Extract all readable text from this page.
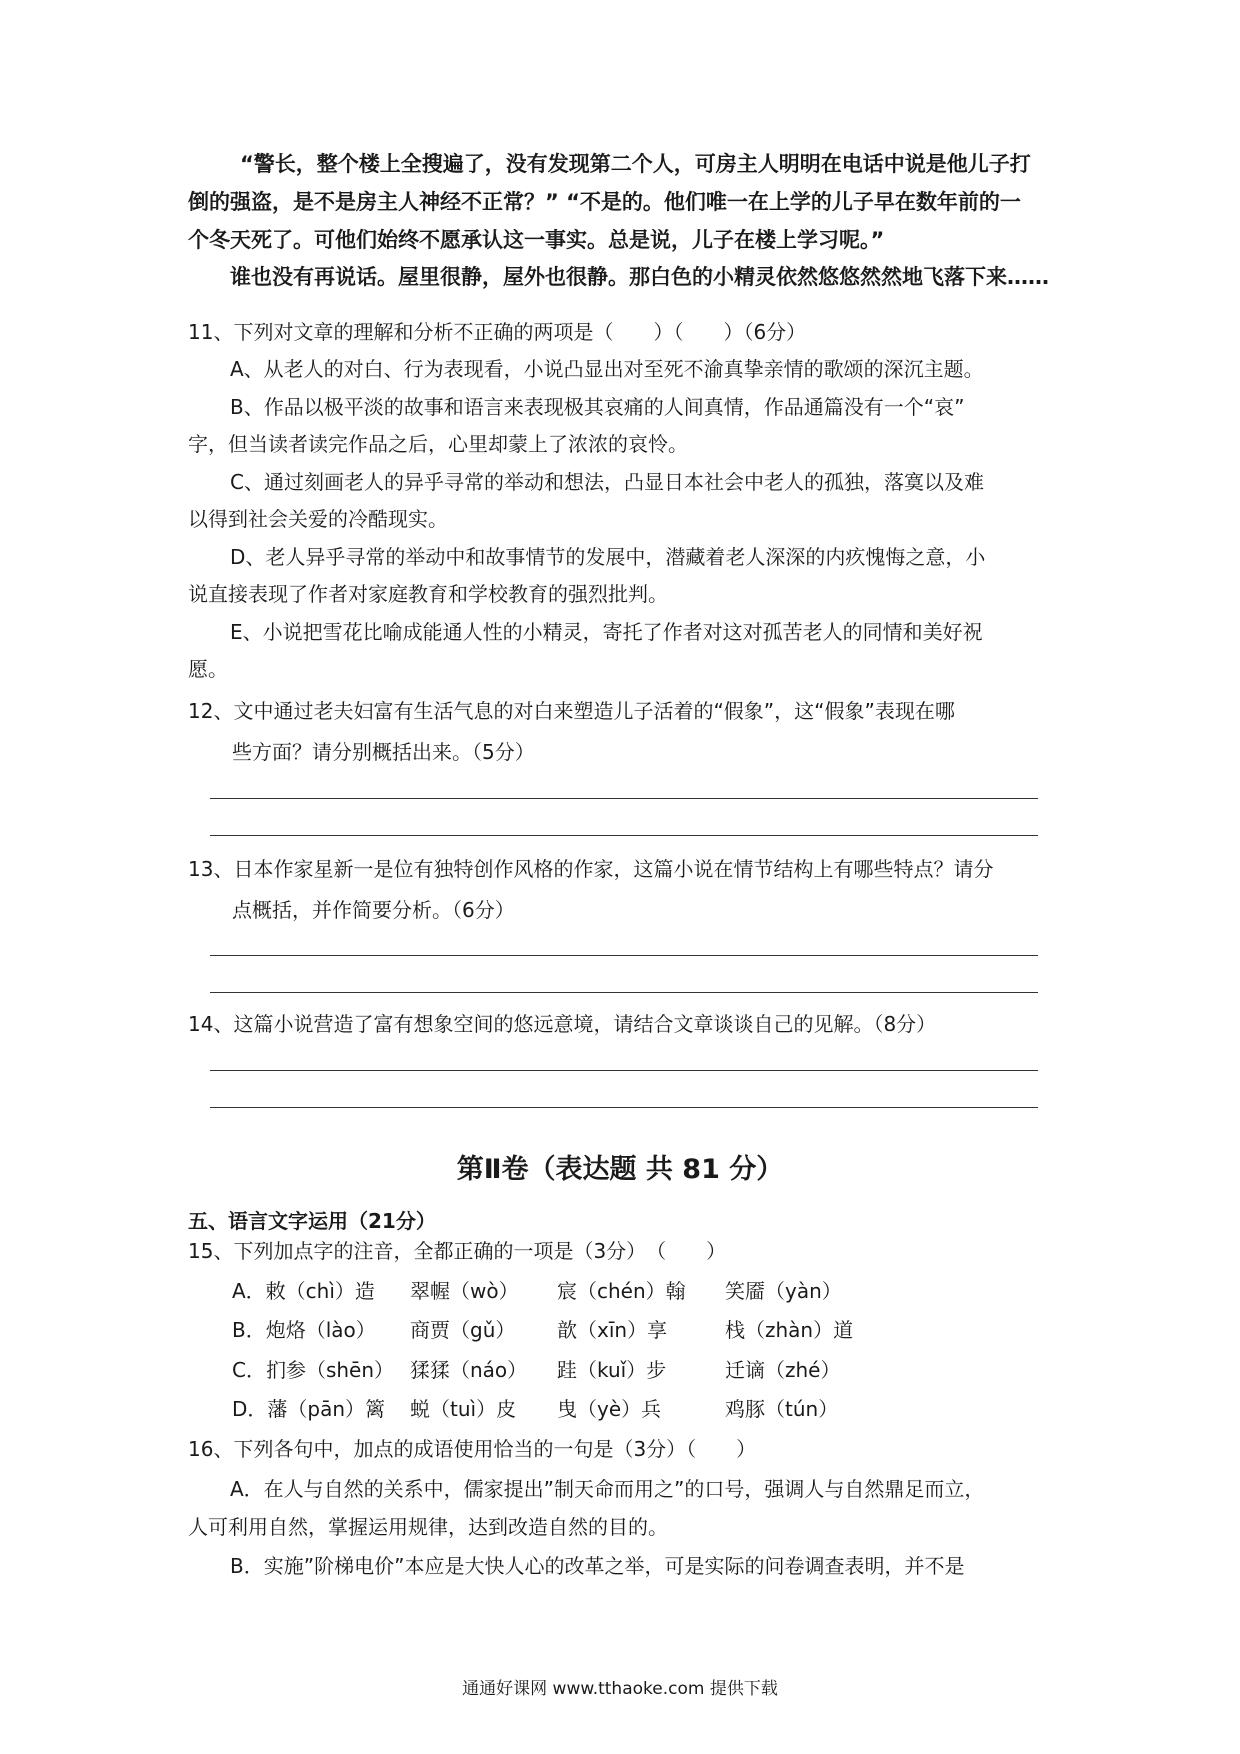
“警长，整个楼上全搜遍了，没有发现第二个人，可房主人明明在电话中说是他儿子打
倒的强盗，是不是房主人神经不正常？” “不是的。他们唯一在上学的儿子早在数年前的一
个冬天死了。可他们始终不愿承认这一事实。总是说，儿子在楼上学习呢。”
谁也没有再说话。屋里很静，屋外也很静。那白色的小精灵依然悠悠然然地飞落下来……
11、下列对文章的理解和分析不正确的两项是（　　）（　　）（6分）
A、从老人的对白、行为表现看，小说凸显出对至死不渝真挚亲情的歌颂的深沉主题。
B、作品以极平淡的故事和语言来表现极其哀痛的人间真情，作品通篇没有一个“哀”
字，但当读者读完作品之后，心里却蒙上了浓浓的哀怜。
C、通过刻画老人的异乎寻常的举动和想法，凸显日本社会中老人的孤独，落寞以及难
以得到社会关爱的冷酷现实。
D、老人异乎寻常的举动中和故事情节的发展中，潜藏着老人深深的内疚愧悔之意，小
说直接表现了作者对家庭教育和学校教育的强烈批判。
E、小说把雪花比喻成能通人性的小精灵，寄托了作者对这对孤苦老人的同情和美好祝
愿。
12、文中通过老夫妇富有生活气息的对白来塑造儿子活着的“假象”，这“假象”表现在哪
些方面？请分别概括出来。（5分）
13、日本作家星新一是位有独特创作风格的作家，这篇小说在情节结构上有哪些特点？请分
点概括，并作简要分析。（6分）
14、这篇小说营造了富有想象空间的悠远意境，请结合文章谈谈自己的见解。（8分）
第Ⅱ卷（表达题 共 81 分）
五、语言文字运用（21分）
15、下列加点字的注音，全都正确的一项是（3分）　（　　）
A．敕（chì）造 翠幄（wò） 宸（chén）翰 笑靥（yàn）
B．炮烙（lào） 商贾（gǔ） 歆（xīn）享	栈（zhàn）道
C．扪参（shēn） 猱猱（náo） 跬（kuǐ）步	迁谪（zhé）
D．藩（pān）篱 蜕（tuì）皮 曳（yè）兵	鸡豚（tún）
16、下列各句中，加点的成语使用恰当的一句是（3分）（　　）
A．在人与自然的关系中，儒家提出”制天命而用之”的口号，强调人与自然鼎足而立，
人可利用自然，掌握运用规律，达到改造自然的目的。
B．实施”阶梯电价”本应是大快人心的改革之举，可是实际的问卷调查表明，并不是
通通好课网 www.tthaoke.com 提供下载
